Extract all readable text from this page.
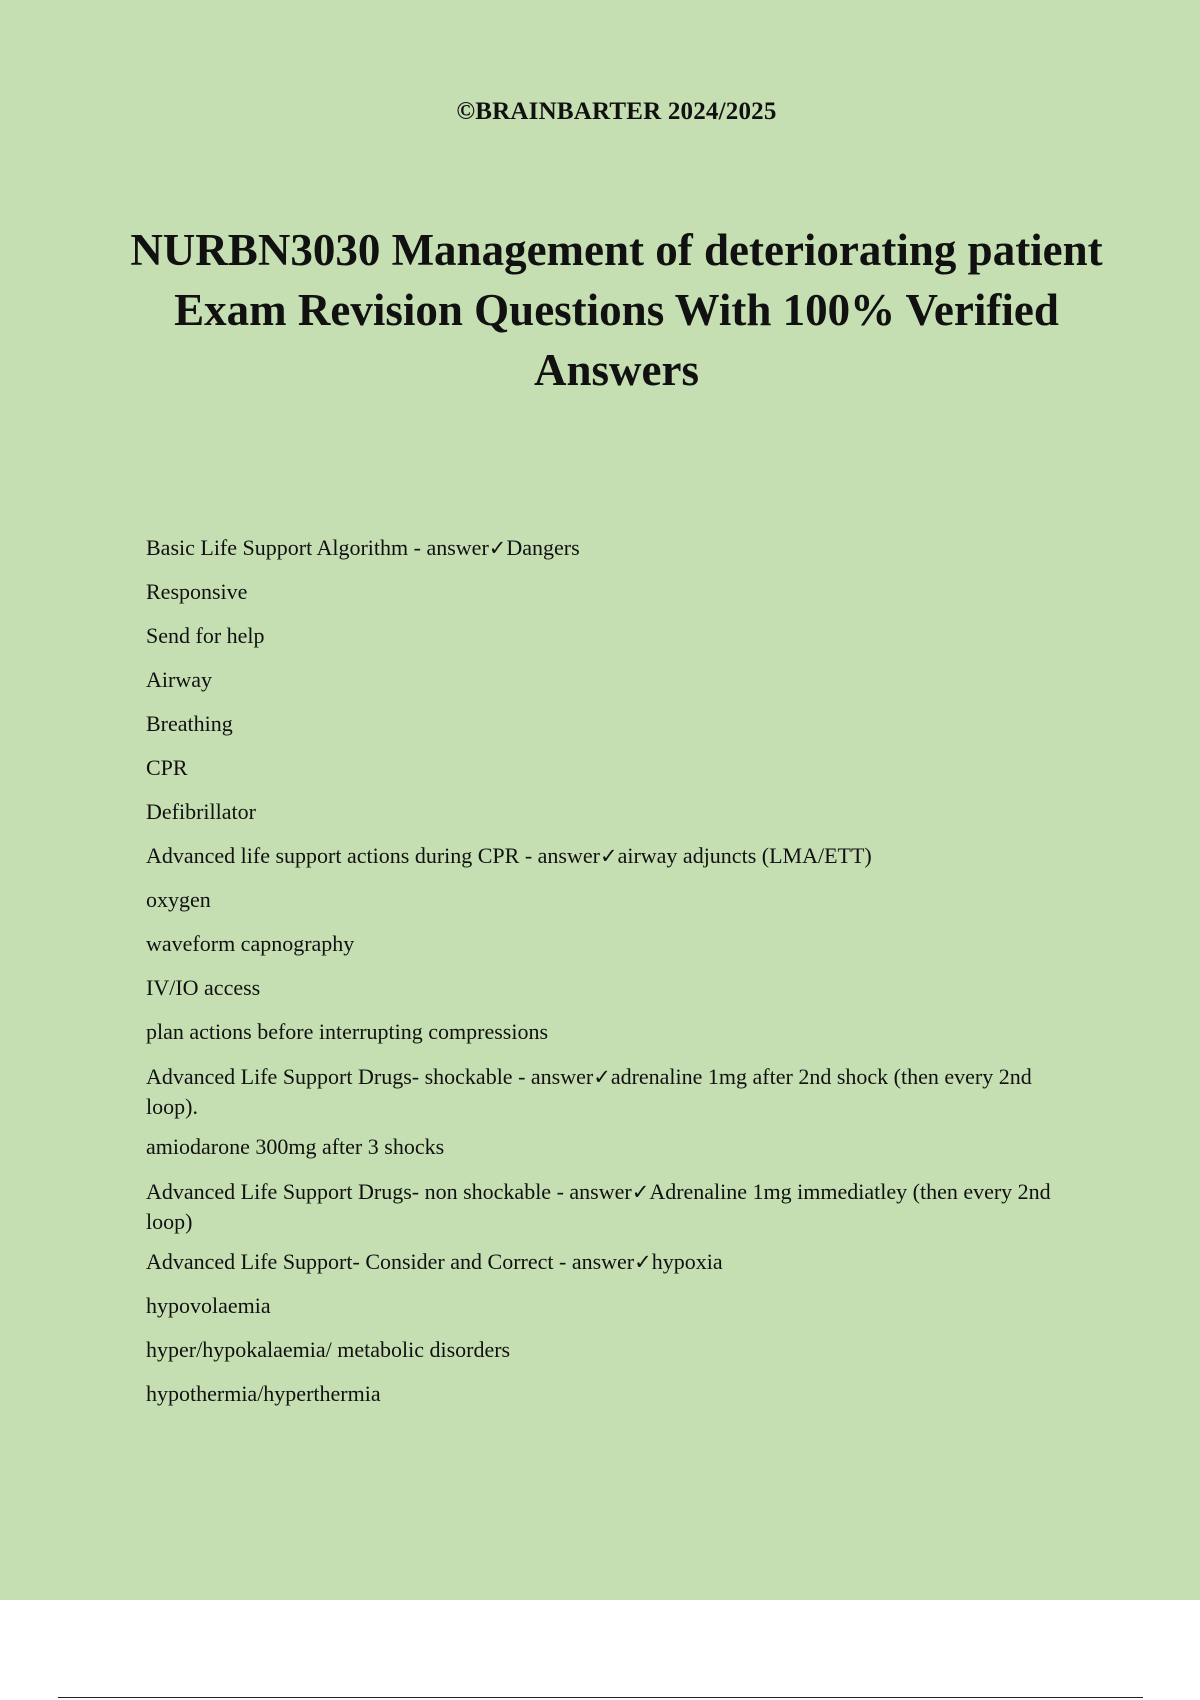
©BRAINBARTER 2024/2025
NURBN3030 Management of deteriorating patient Exam Revision Questions With 100% Verified Answers

Basic Life Support Algorithm - answer✓Dangers

Responsive

Send for help

Airway

Breathing

CPR

Defibrillator

Advanced life support actions during CPR - answer✓airway adjuncts (LMA/ETT)

oxygen

waveform capnography

IV/IO access

plan actions before interrupting compressions

Advanced Life Support Drugs- shockable - answer✓adrenaline 1mg after 2nd shock (then every 2nd loop).

amiodarone 300mg after 3 shocks

Advanced Life Support Drugs- non shockable - answer✓Adrenaline 1mg immediatley (then every 2nd loop)

Advanced Life Support- Consider and Correct - answer✓hypoxia

hypovolaemia

hyper/hypokalaemia/ metabolic disorders

hypothermia/hyperthermia
